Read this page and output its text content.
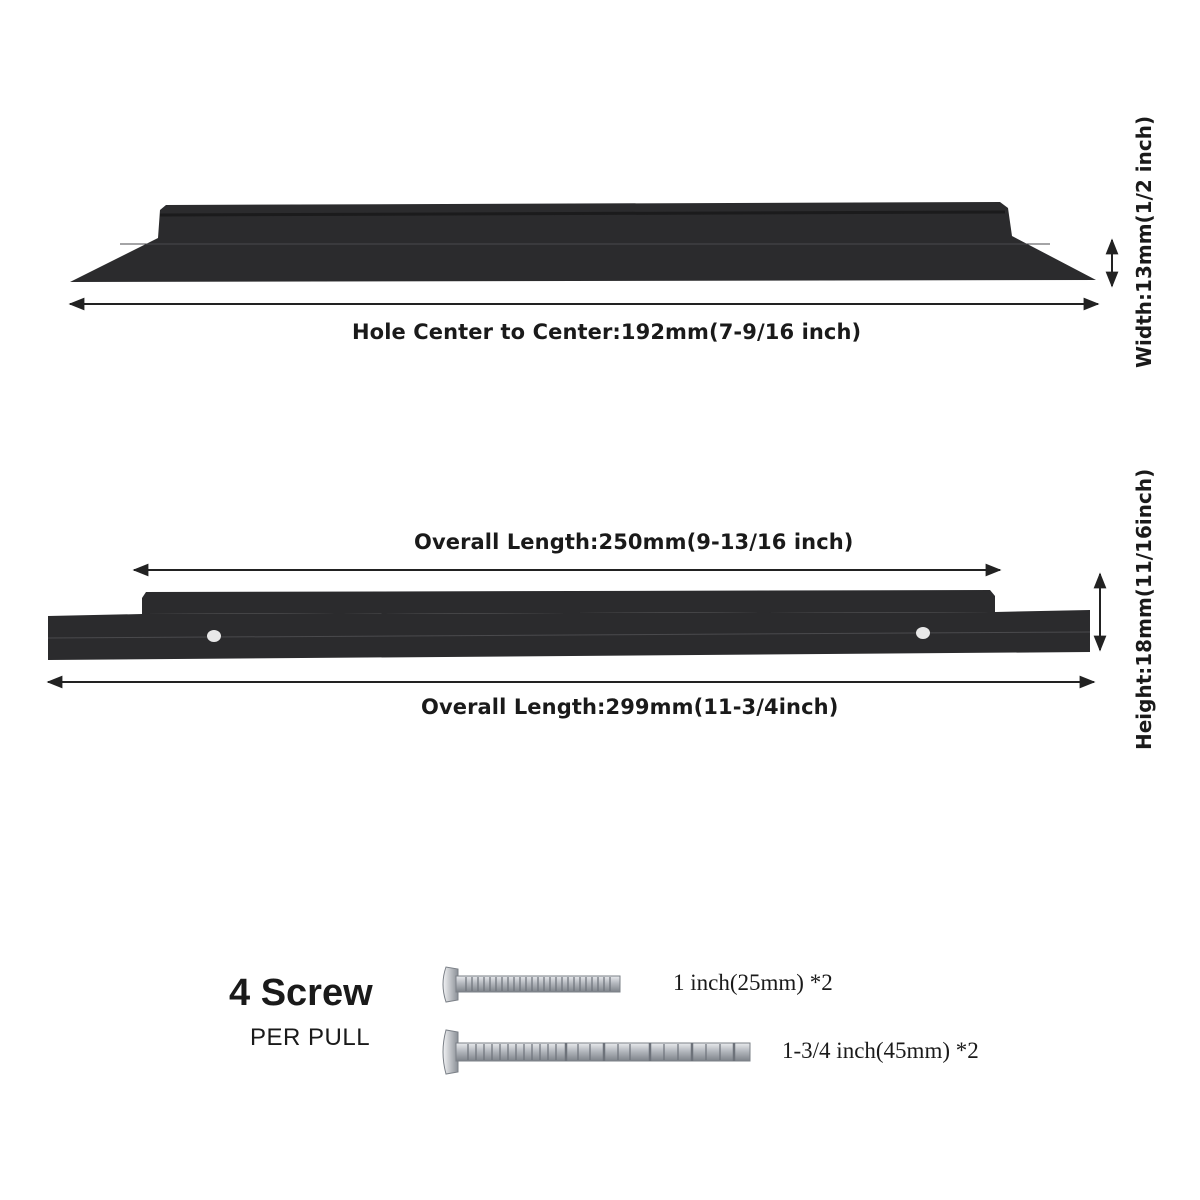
Hole Center to Center:192mm(7-9/16 inch)	Width:13mm(1/2 inch)
Overall Length:250mm(9-13/16 inch)
Overall Length:299mm(11-3/4inch)	Height:18mm(11/16inch)
4 Screw
PER PULL
1 inch(25mm) *2
1-3/4 inch(45mm) *2
